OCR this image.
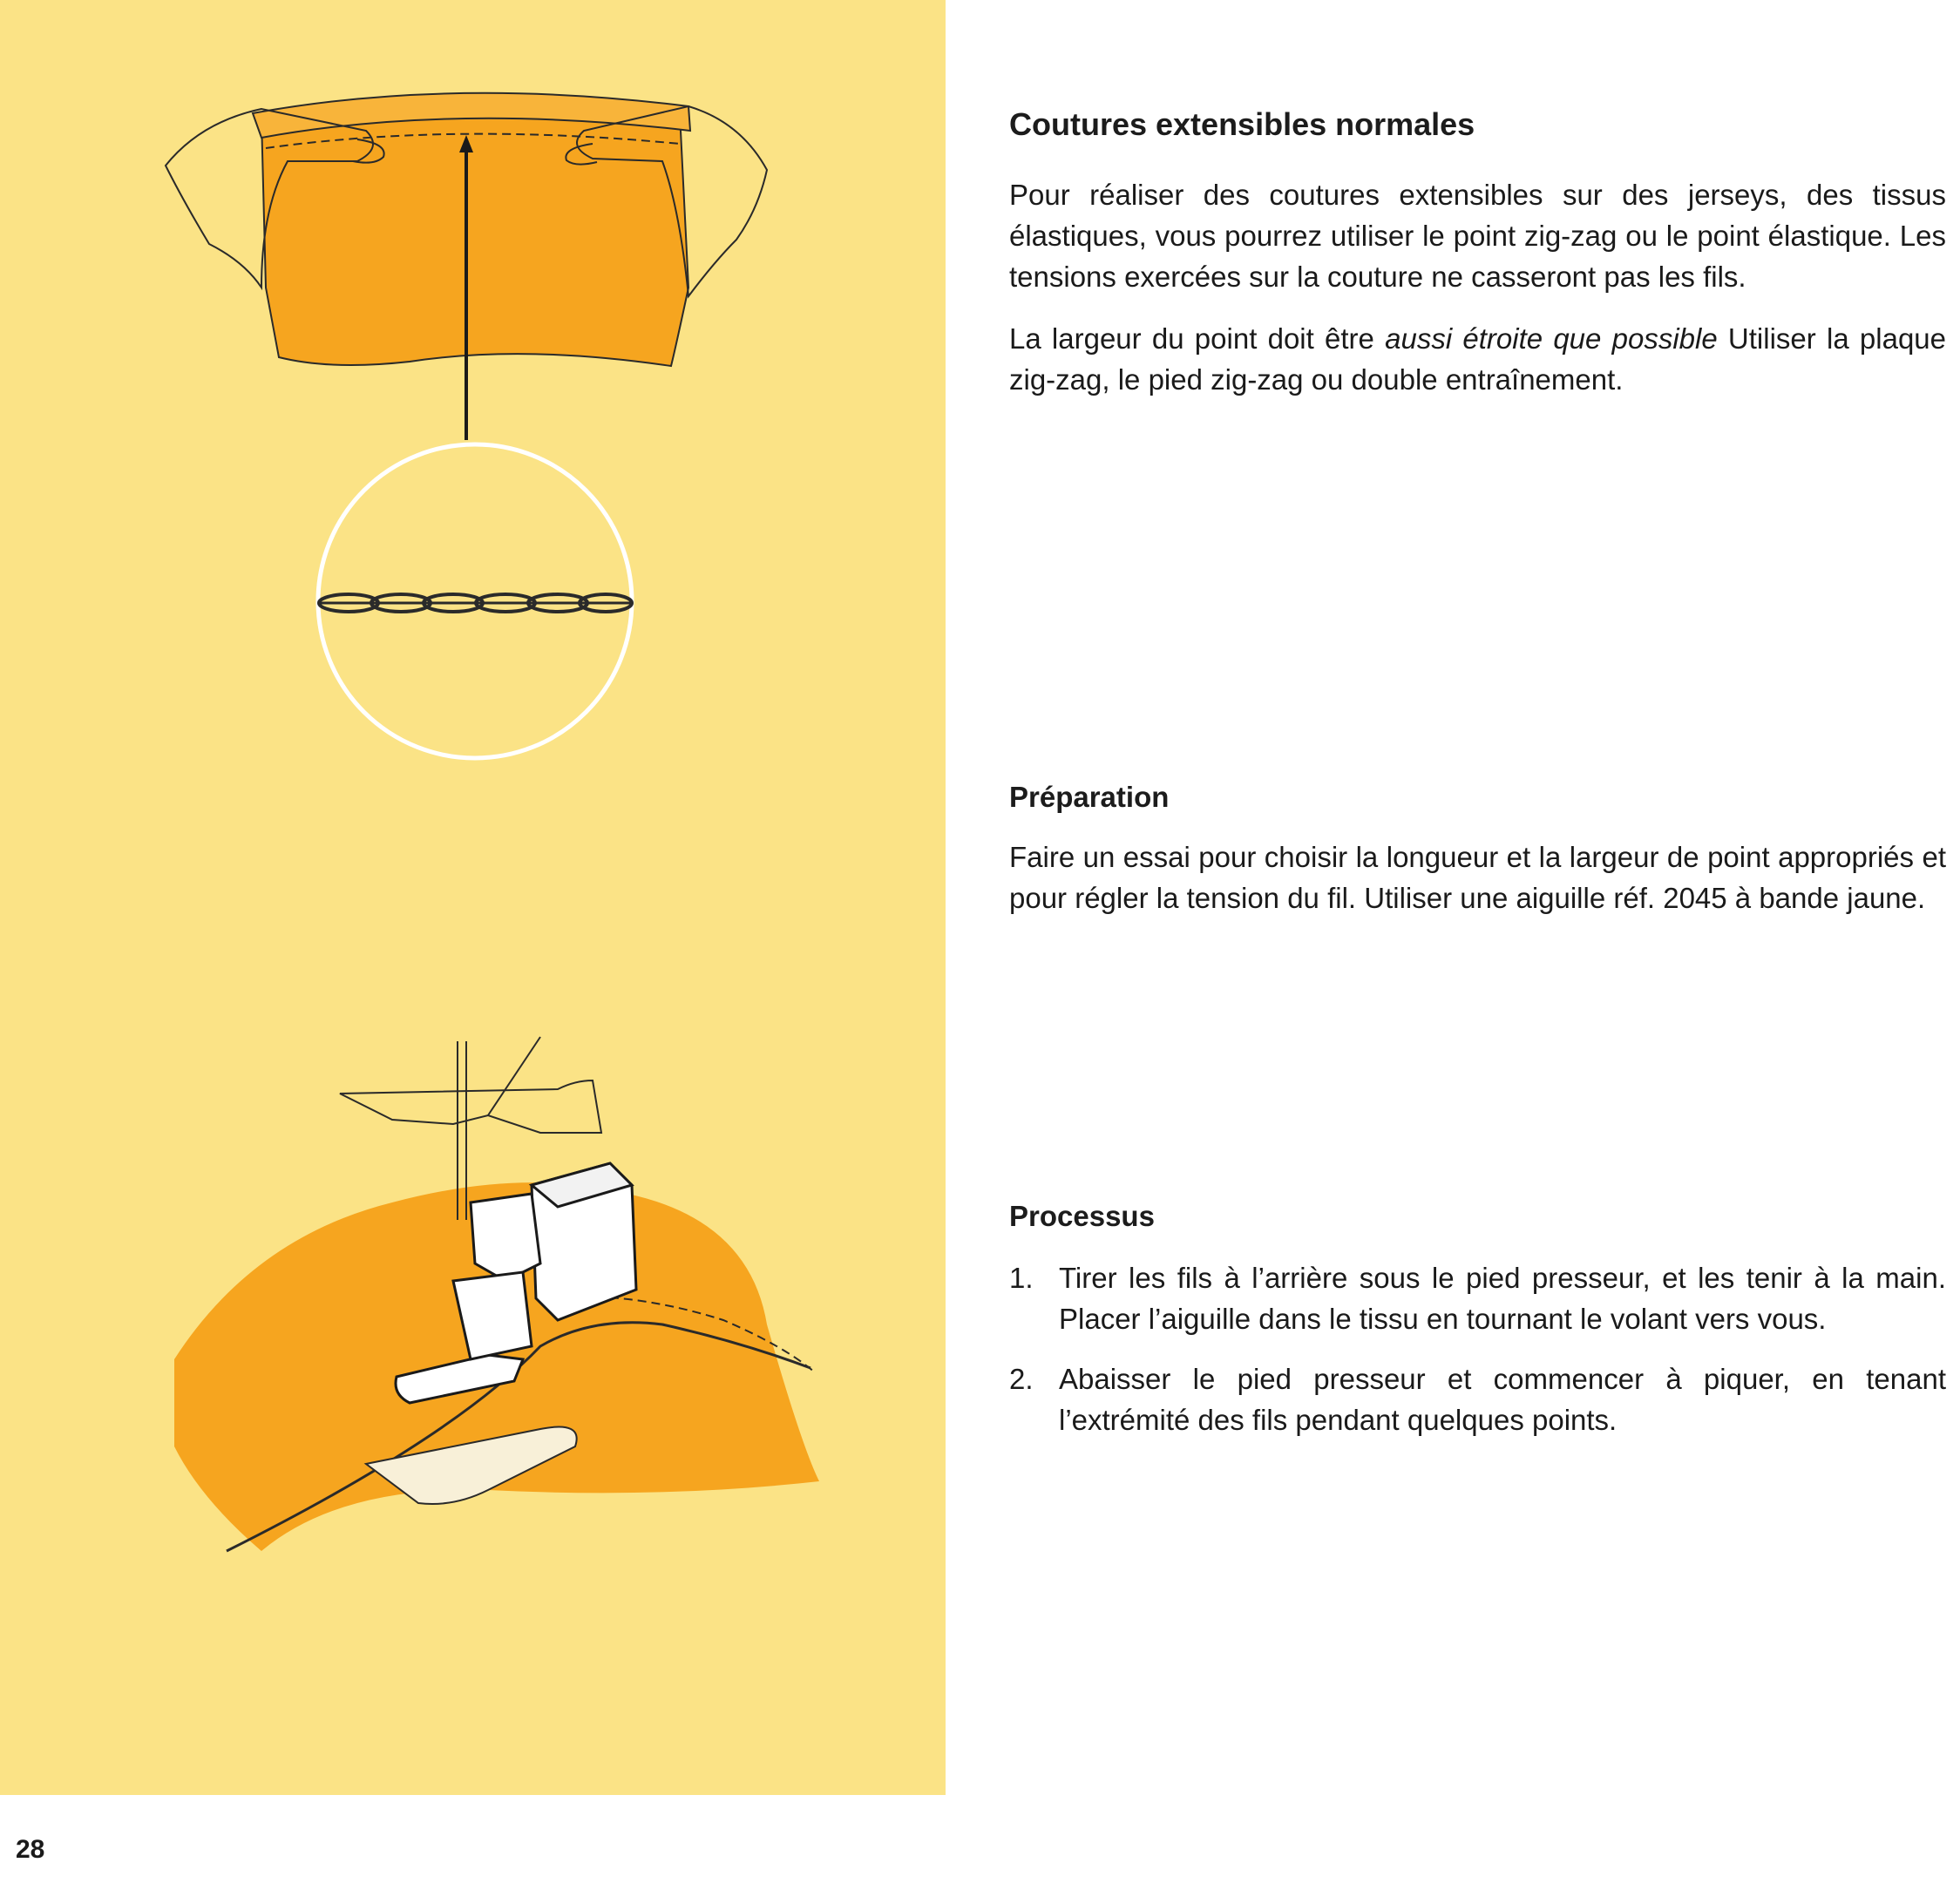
Coutures extensibles normales

Pour réaliser des coutures extensibles sur des jerseys, des tissus élastiques, vous pourrez utiliser le point zig-zag ou le point élastique. Les tensions exercées sur la couture ne casseront pas les fils.

La largeur du point doit être aussi étroite que possible Utiliser la plaque zig-zag, le pied zig-zag ou double entraînement.

Préparation

Faire un essai pour choisir la longueur et la largeur de point appropriés et pour régler la tension du fil. Utiliser une aiguille réf. 2045 à bande jaune.

Processus
1. Tirer les fils à l’arrière sous le pied presseur, et les tenir à la main. Placer l’aiguille dans le tissu en tournant le volant vers vous.
2. Abaisser le pied presseur et commencer à piquer, en tenant l’extrémité des fils pendant quelques points.
28
